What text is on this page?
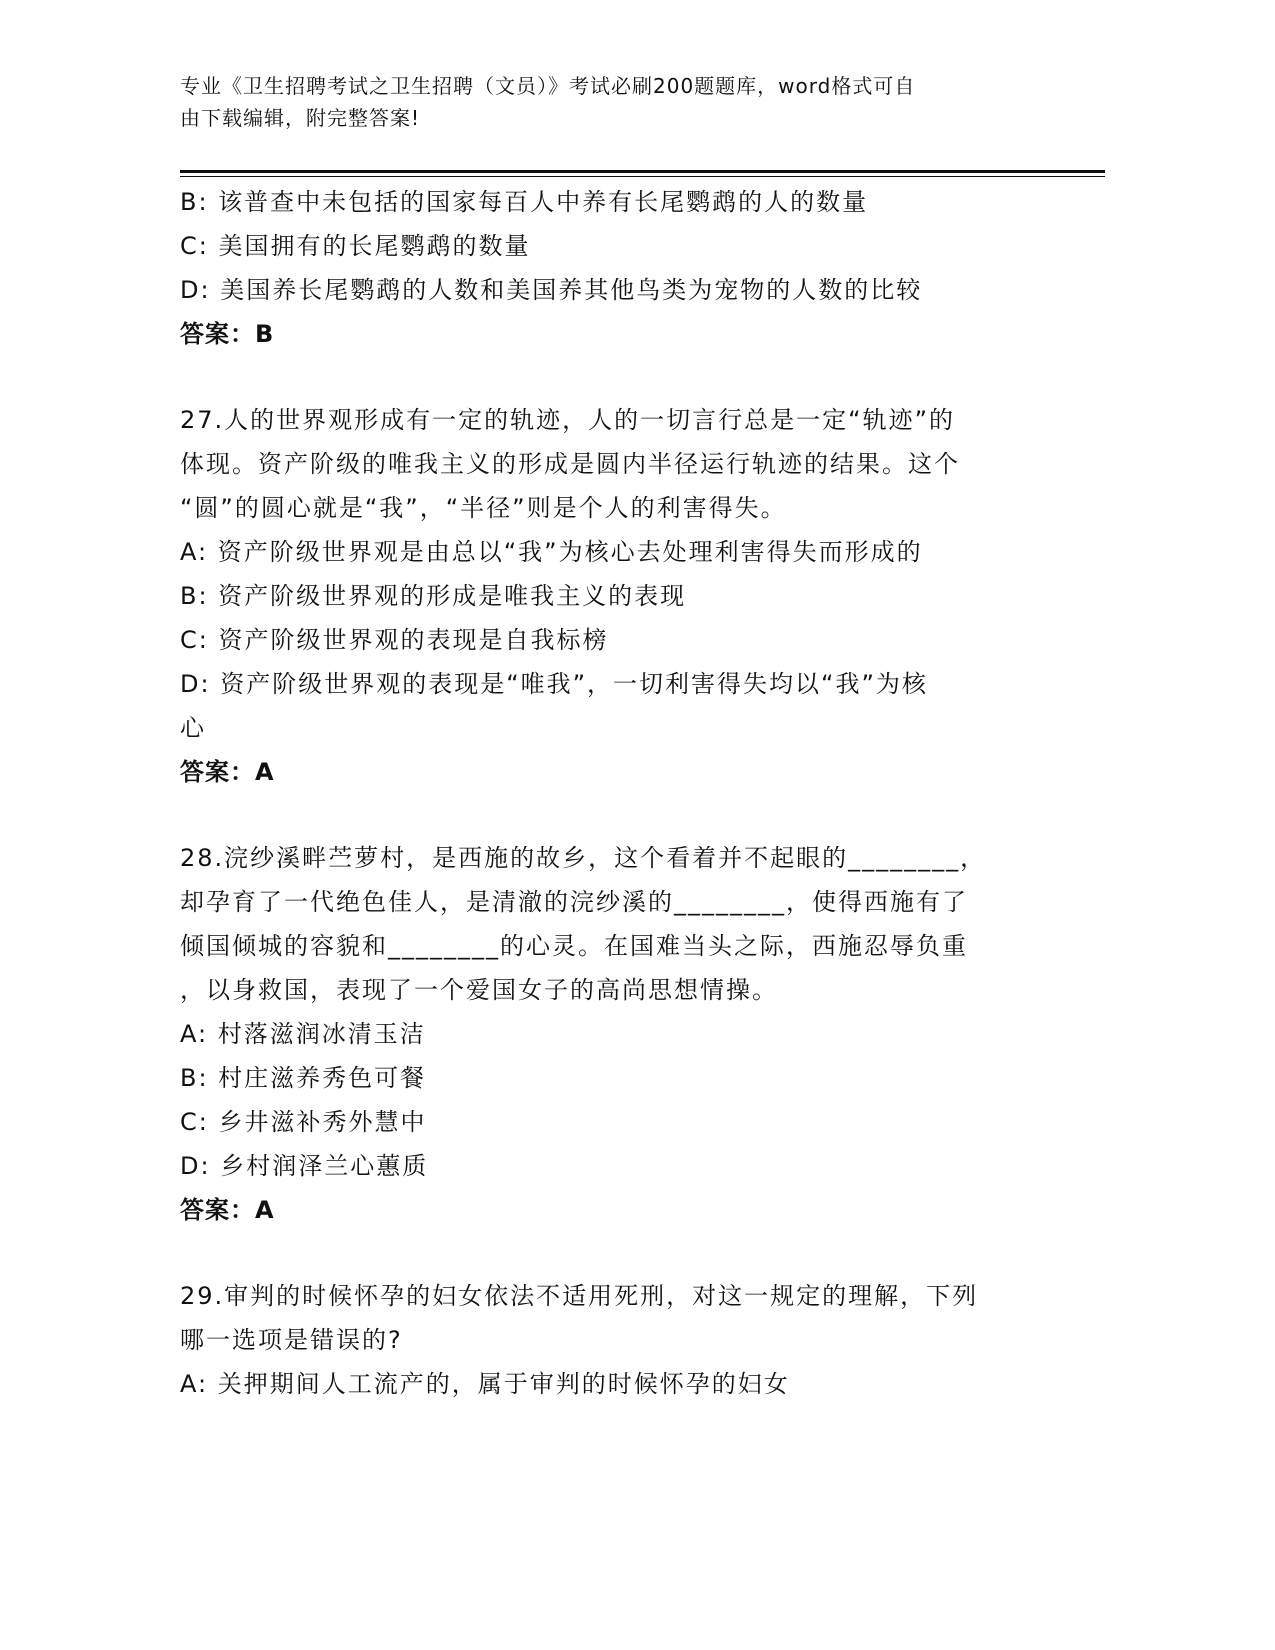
专业《卫生招聘考试之卫生招聘（文员）》考试必刷200题题库，word格式可自
由下载编辑，附完整答案!
B: 该普查中未包括的国家每百人中养有长尾鹦鹉的人的数量
C: 美国拥有的长尾鹦鹉的数量
D: 美国养长尾鹦鹉的人数和美国养其他鸟类为宠物的人数的比较
答案：B
27.人的世界观形成有一定的轨迹，人的一切言行总是一定“轨迹”的
体现。资产阶级的唯我主义的形成是圆内半径运行轨迹的结果。这个
“圆”的圆心就是“我”，“半径”则是个人的利害得失。
A: 资产阶级世界观是由总以“我”为核心去处理利害得失而形成的
B: 资产阶级世界观的形成是唯我主义的表现
C: 资产阶级世界观的表现是自我标榜
D: 资产阶级世界观的表现是“唯我”，一切利害得失均以“我”为核
心
答案：A
28.浣纱溪畔苎萝村，是西施的故乡，这个看着并不起眼的________，
却孕育了一代绝色佳人，是清澈的浣纱溪的________，使得西施有了
倾国倾城的容貌和________的心灵。在国难当头之际，西施忍辱负重
，以身救国，表现了一个爱国女子的高尚思想情操。
A: 村落滋润冰清玉洁
B: 村庄滋养秀色可餐
C: 乡井滋补秀外慧中
D: 乡村润泽兰心蕙质
答案：A
29.审判的时候怀孕的妇女依法不适用死刑，对这一规定的理解，下列
哪一选项是错误的?
A: 关押期间人工流产的，属于审判的时候怀孕的妇女
